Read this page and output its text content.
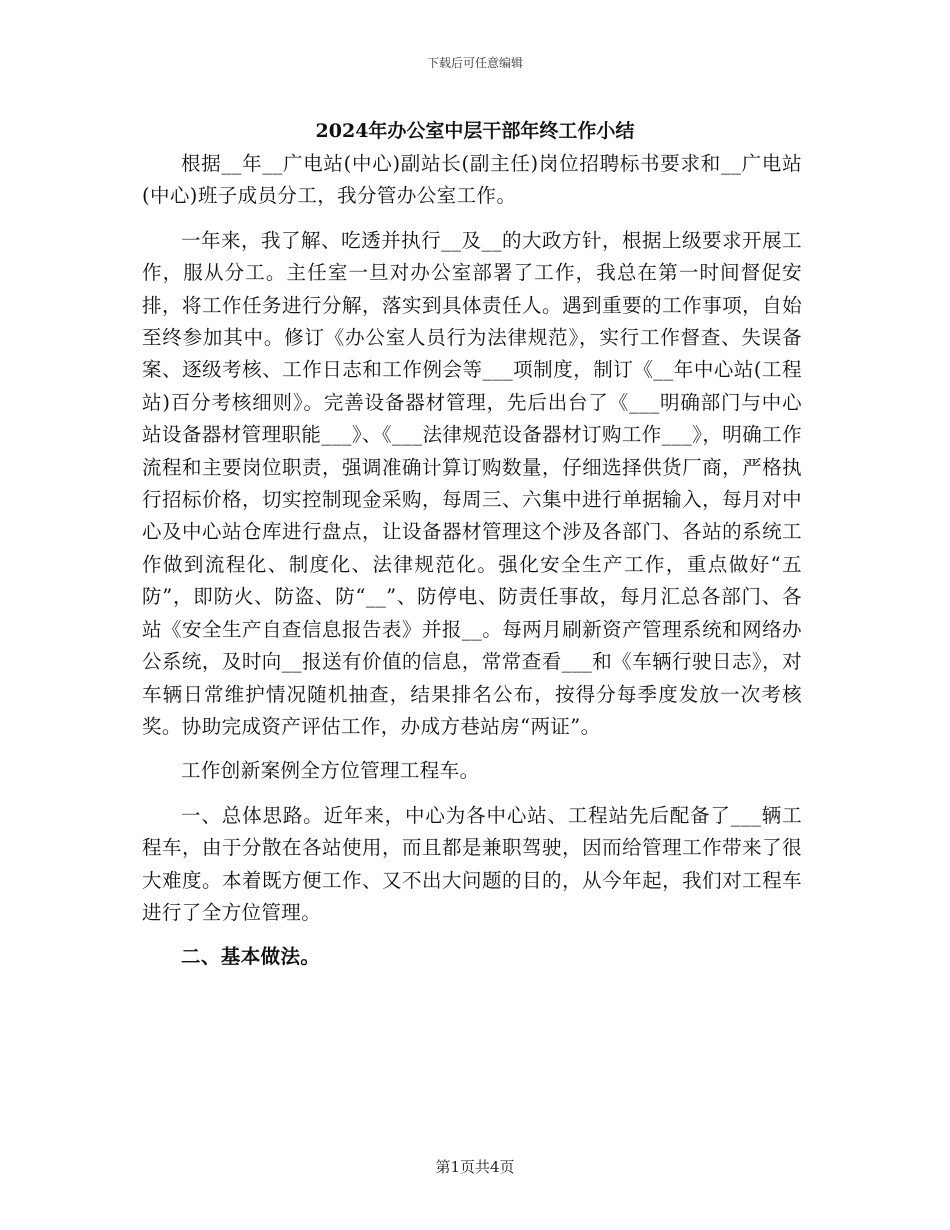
下载后可任意编辑
2024年办公室中层干部年终工作小结

根据__年__广电站(中心)副站长(副主任)岗位招聘标书要求和__广电站(中心)班子成员分工，我分管办公室工作。

一年来，我了解、吃透并执行__及__的大政方针，根据上级要求开展工作，服从分工。主任室一旦对办公室部署了工作，我总在第一时间督促安排，将工作任务进行分解，落实到具体责任人。遇到重要的工作事项，自始至终参加其中。修订《办公室人员行为法律规范》，实行工作督查、失误备案、逐级考核、工作日志和工作例会等___项制度，制订《__年中心站(工程站)百分考核细则》。完善设备器材管理，先后出台了《___明确部门与中心站设备器材管理职能___》、《___法律规范设备器材订购工作___》，明确工作流程和主要岗位职责，强调准确计算订购数量，仔细选择供货厂商，严格执行招标价格，切实控制现金采购，每周三、六集中进行单据输入，每月对中心及中心站仓库进行盘点，让设备器材管理这个涉及各部门、各站的系统工作做到流程化、制度化、法律规范化。强化安全生产工作，重点做好“五防”，即防火、防盗、防“__”、防停电、防责任事故，每月汇总各部门、各站《安全生产自查信息报告表》并报__。每两月刷新资产管理系统和网络办公系统，及时向__报送有价值的信息，常常查看___和《车辆行驶日志》，对车辆日常维护情况随机抽查，结果排名公布，按得分每季度发放一次考核奖。协助完成资产评估工作，办成方巷站房“两证”。

工作创新案例全方位管理工程车。

一、总体思路。近年来，中心为各中心站、工程站先后配备了___辆工程车，由于分散在各站使用，而且都是兼职驾驶，因而给管理工作带来了很大难度。本着既方便工作、又不出大问题的目的，从今年起，我们对工程车进行了全方位管理。

二、基本做法。

第1页共4页
